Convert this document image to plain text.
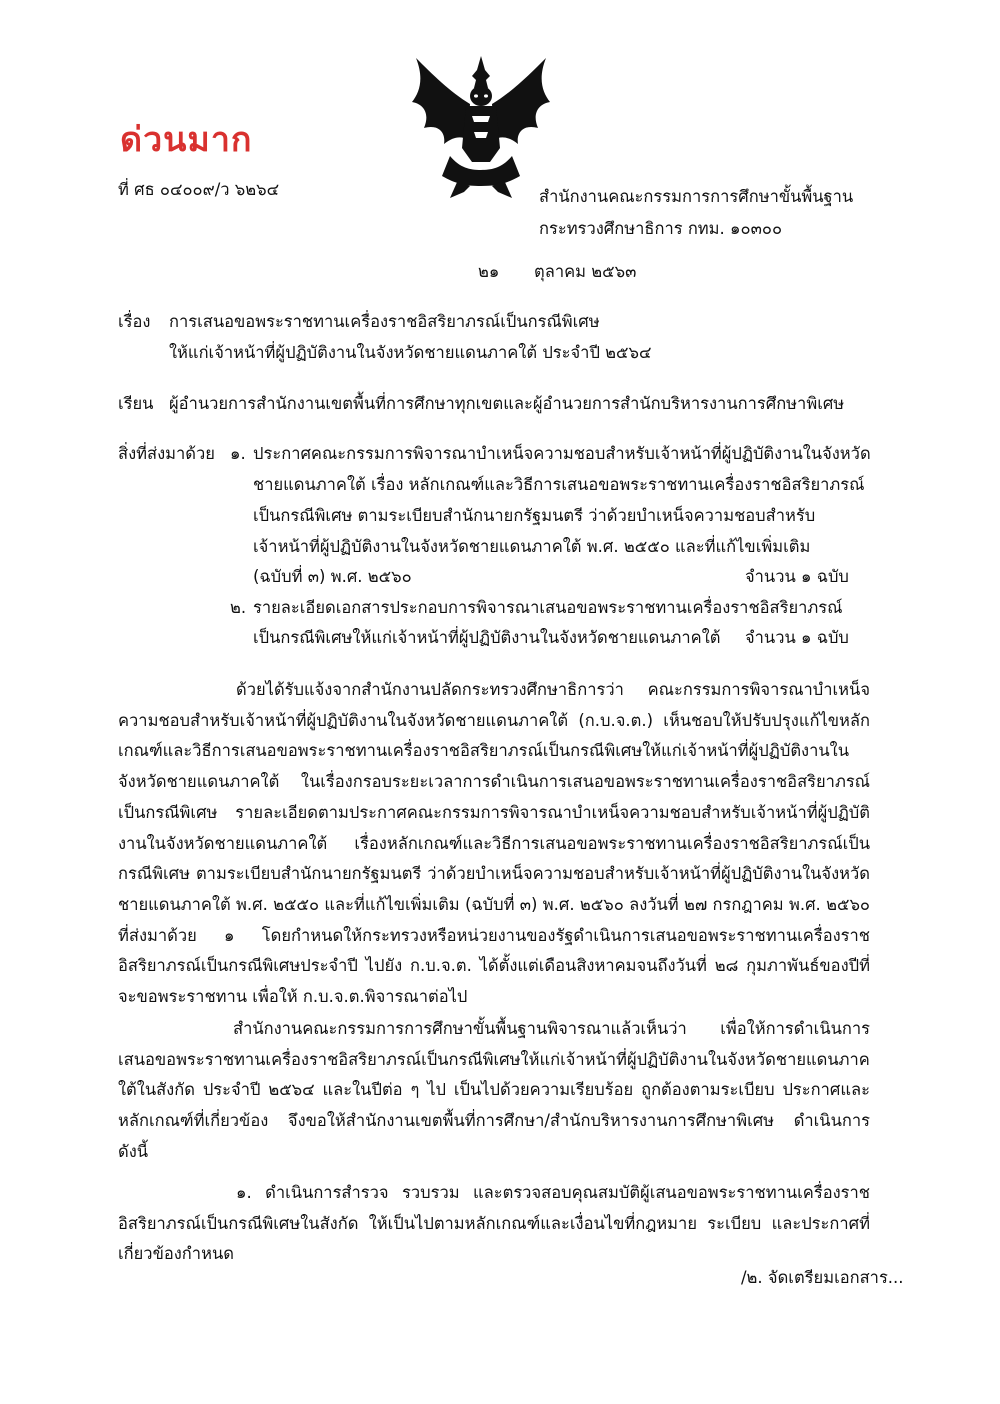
ด่วนมาก
ที่ ศธ ๐๔๐๐๙/ว ๖๒๖๔	สำนักงานคณะกรรมการการศึกษาขั้นพื้นฐาน
กระทรวงศึกษาธิการ กทม. ๑๐๓๐๐
๒๑ ตุลาคม ๒๕๖๓
เรื่อง การเสนอขอพระราชทานเครื่องราชอิสริยาภรณ์เป็นกรณีพิเศษ
ให้แก่เจ้าหน้าที่ผู้ปฏิบัติงานในจังหวัดชายแดนภาคใต้ ประจำปี ๒๕๖๔
เรียน ผู้อำนวยการสำนักงานเขตพื้นที่การศึกษาทุกเขตและผู้อำนวยการสำนักบริหารงานการศึกษาพิเศษ
สิ่งที่ส่งมาด้วย ๑. ประกาศคณะกรรมการพิจารณาบำเหน็จความชอบสำหรับเจ้าหน้าที่ผู้ปฏิบัติงานในจังหวัด
ชายแดนภาคใต้ เรื่อง หลักเกณฑ์และวิธีการเสนอขอพระราชทานเครื่องราชอิสริยาภรณ์
เป็นกรณีพิเศษ ตามระเบียบสำนักนายกรัฐมนตรี ว่าด้วยบำเหน็จความชอบสำหรับ
เจ้าหน้าที่ผู้ปฏิบัติงานในจังหวัดชายแดนภาคใต้ พ.ศ. ๒๕๕๐ และที่แก้ไขเพิ่มเติม
(ฉบับที่ ๓) พ.ศ. ๒๕๖๐	จำนวน ๑ ฉบับ
๒. รายละเอียดเอกสารประกอบการพิจารณาเสนอขอพระราชทานเครื่องราชอิสริยาภรณ์
เป็นกรณีพิเศษให้แก่เจ้าหน้าที่ผู้ปฏิบัติงานในจังหวัดชายแดนภาคใต้ จำนวน ๑ ฉบับ
ด้วยได้รับแจ้งจากสำนักงานปลัดกระทรวงศึกษาธิการว่า คณะกรรมการพิจารณาบำเหน็จความชอบสำหรับเจ้าหน้าที่ผู้ปฏิบัติงานในจังหวัดชายแดนภาคใต้ (ก.บ.จ.ต.) เห็นชอบให้ปรับปรุงแก้ไขหลักเกณฑ์และวิธีการเสนอขอพระราชทานเครื่องราชอิสริยาภรณ์เป็นกรณีพิเศษให้แก่เจ้าหน้าที่ผู้ปฏิบัติงานในจังหวัดชายแดนภาคใต้ ในเรื่องกรอบระยะเวลาการดำเนินการเสนอขอพระราชทานเครื่องราชอิสริยาภรณ์เป็นกรณีพิเศษ รายละเอียดตามประกาศคณะกรรมการพิจารณาบำเหน็จความชอบสำหรับเจ้าหน้าที่ผู้ปฏิบัติงานในจังหวัดชายแดนภาคใต้ เรื่องหลักเกณฑ์และวิธีการเสนอขอพระราชทานเครื่องราชอิสริยาภรณ์เป็นกรณีพิเศษ ตามระเบียบสำนักนายกรัฐมนตรี ว่าด้วยบำเหน็จความชอบสำหรับเจ้าหน้าที่ผู้ปฏิบัติงานในจังหวัดชายแดนภาคใต้ พ.ศ. ๒๕๕๐ และที่แก้ไขเพิ่มเติม (ฉบับที่ ๓) พ.ศ. ๒๕๖๐ ลงวันที่ ๒๗ กรกฎาคม พ.ศ. ๒๕๖๐ ที่ส่งมาด้วย ๑ โดยกำหนดให้กระทรวงหรือหน่วยงานของรัฐดำเนินการเสนอขอพระราชทานเครื่องราชอิสริยาภรณ์เป็นกรณีพิเศษประจำปี ไปยัง ก.บ.จ.ต. ได้ตั้งแต่เดือนสิงหาคมจนถึงวันที่ ๒๘ กุมภาพันธ์ของปีที่จะขอพระราชทาน เพื่อให้ ก.บ.จ.ต.พิจารณาต่อไป
สำนักงานคณะกรรมการการศึกษาขั้นพื้นฐานพิจารณาแล้วเห็นว่า เพื่อให้การดำเนินการเสนอขอพระราชทานเครื่องราชอิสริยาภรณ์เป็นกรณีพิเศษให้แก่เจ้าหน้าที่ผู้ปฏิบัติงานในจังหวัดชายแดนภาคใต้ในสังกัด ประจำปี ๒๕๖๔ และในปีต่อ ๆ ไป เป็นไปด้วยความเรียบร้อย ถูกต้องตามระเบียบ ประกาศและหลักเกณฑ์ที่เกี่ยวข้อง จึงขอให้สำนักงานเขตพื้นที่การศึกษา/สำนักบริหารงานการศึกษาพิเศษ ดำเนินการดังนี้
๑. ดำเนินการสำรวจ รวบรวม และตรวจสอบคุณสมบัติผู้เสนอขอพระราชทานเครื่องราชอิสริยาภรณ์เป็นกรณีพิเศษในสังกัด ให้เป็นไปตามหลักเกณฑ์และเงื่อนไขที่กฎหมาย ระเบียบ และประกาศที่เกี่ยวข้องกำหนด
/๒. จัดเตรียมเอกสาร...
